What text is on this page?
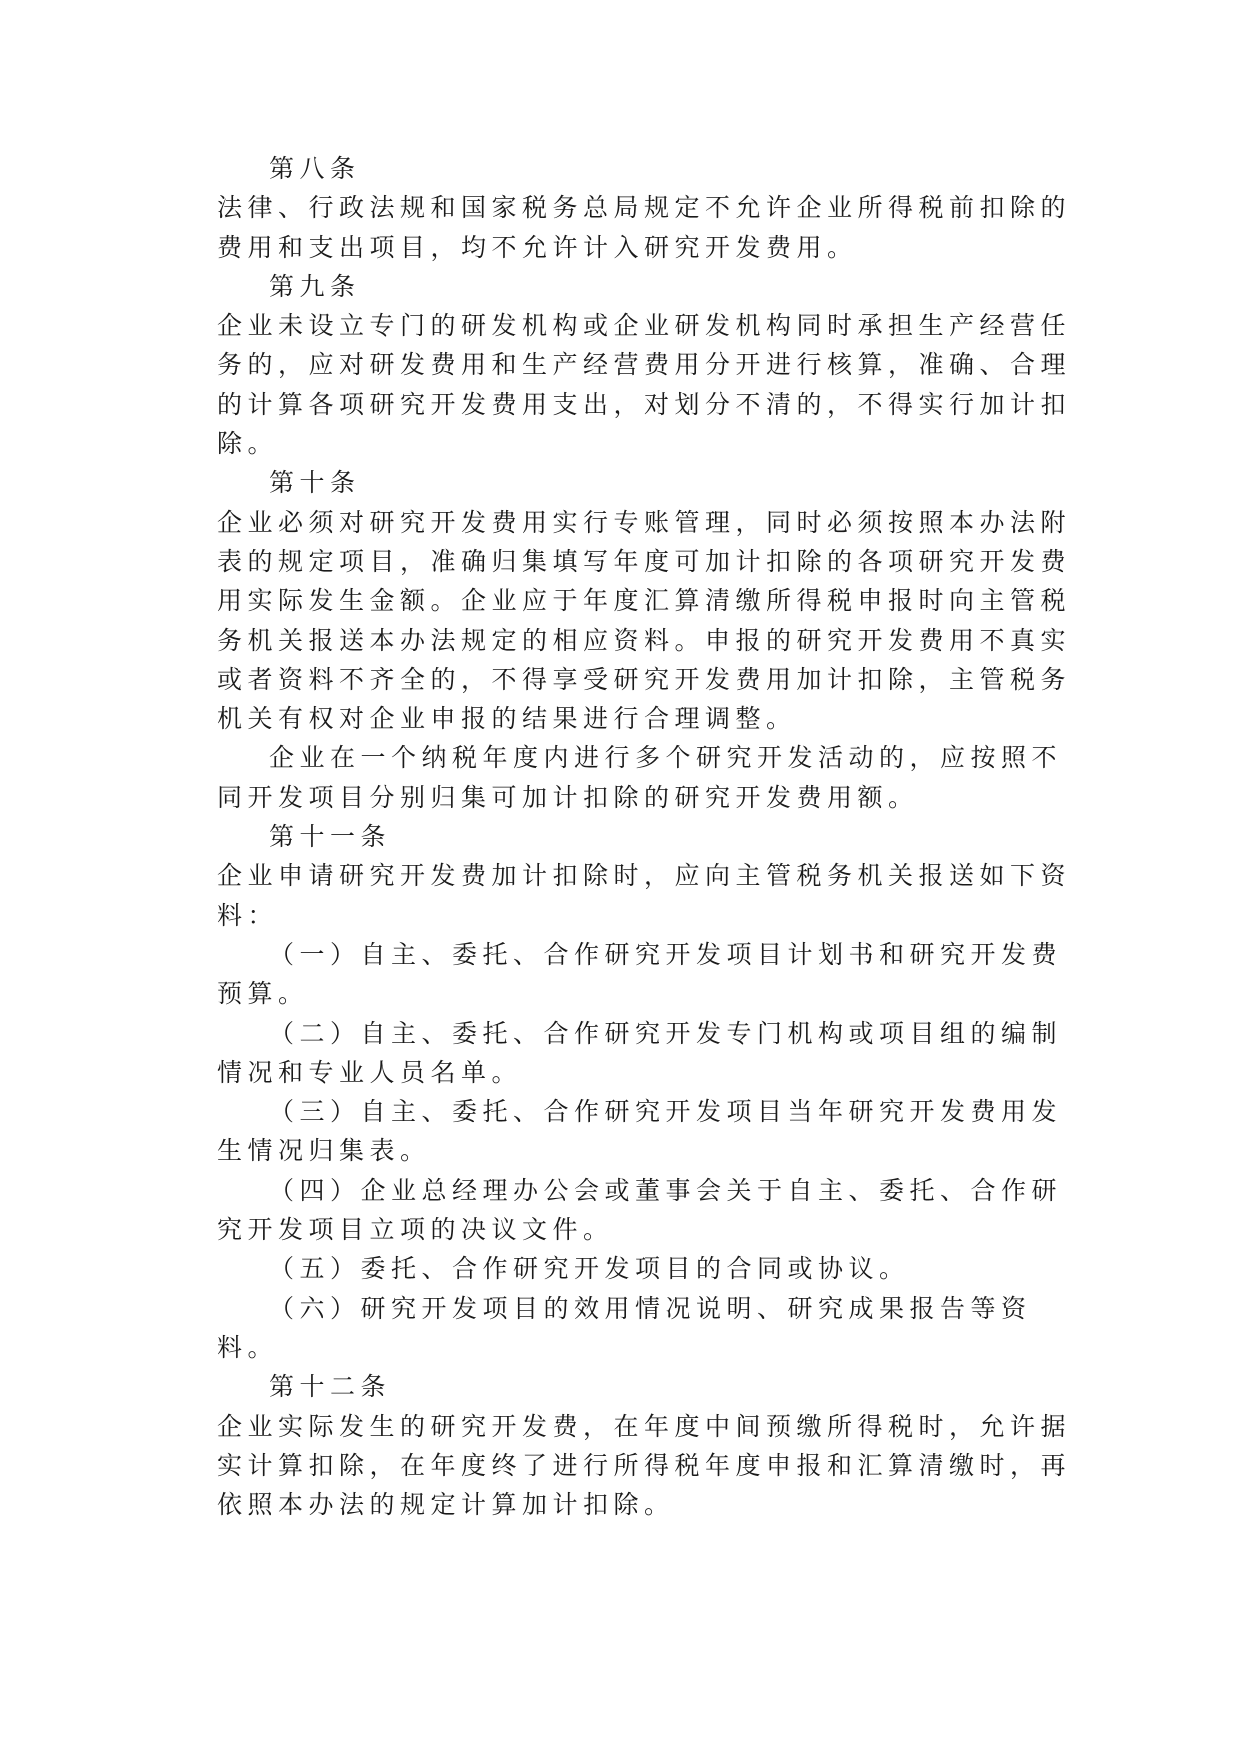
第八条

法律、行政法规和国家税务总局规定不允许企业所得税前扣除的费用和支出项目，均不允许计入研究开发费用。

第九条

企业未设立专门的研发机构或企业研发机构同时承担生产经营任务的，应对研发费用和生产经营费用分开进行核算，准确、合理的计算各项研究开发费用支出，对划分不清的，不得实行加计扣除。

第十条

企业必须对研究开发费用实行专账管理，同时必须按照本办法附表的规定项目，准确归集填写年度可加计扣除的各项研究开发费用实际发生金额。企业应于年度汇算清缴所得税申报时向主管税务机关报送本办法规定的相应资料。申报的研究开发费用不真实或者资料不齐全的，不得享受研究开发费用加计扣除，主管税务机关有权对企业申报的结果进行合理调整。

企业在一个纳税年度内进行多个研究开发活动的，应按照不同开发项目分别归集可加计扣除的研究开发费用额。

第十一条

企业申请研究开发费加计扣除时，应向主管税务机关报送如下资料：

（一）自主、委托、合作研究开发项目计划书和研究开发费预算。

（二）自主、委托、合作研究开发专门机构或项目组的编制情况和专业人员名单。

（三）自主、委托、合作研究开发项目当年研究开发费用发生情况归集表。

（四）企业总经理办公会或董事会关于自主、委托、合作研究开发项目立项的决议文件。

（五）委托、合作研究开发项目的合同或协议。

（六）研究开发项目的效用情况说明、研究成果报告等资料。

第十二条

企业实际发生的研究开发费，在年度中间预缴所得税时，允许据实计算扣除，在年度终了进行所得税年度申报和汇算清缴时，再依照本办法的规定计算加计扣除。
